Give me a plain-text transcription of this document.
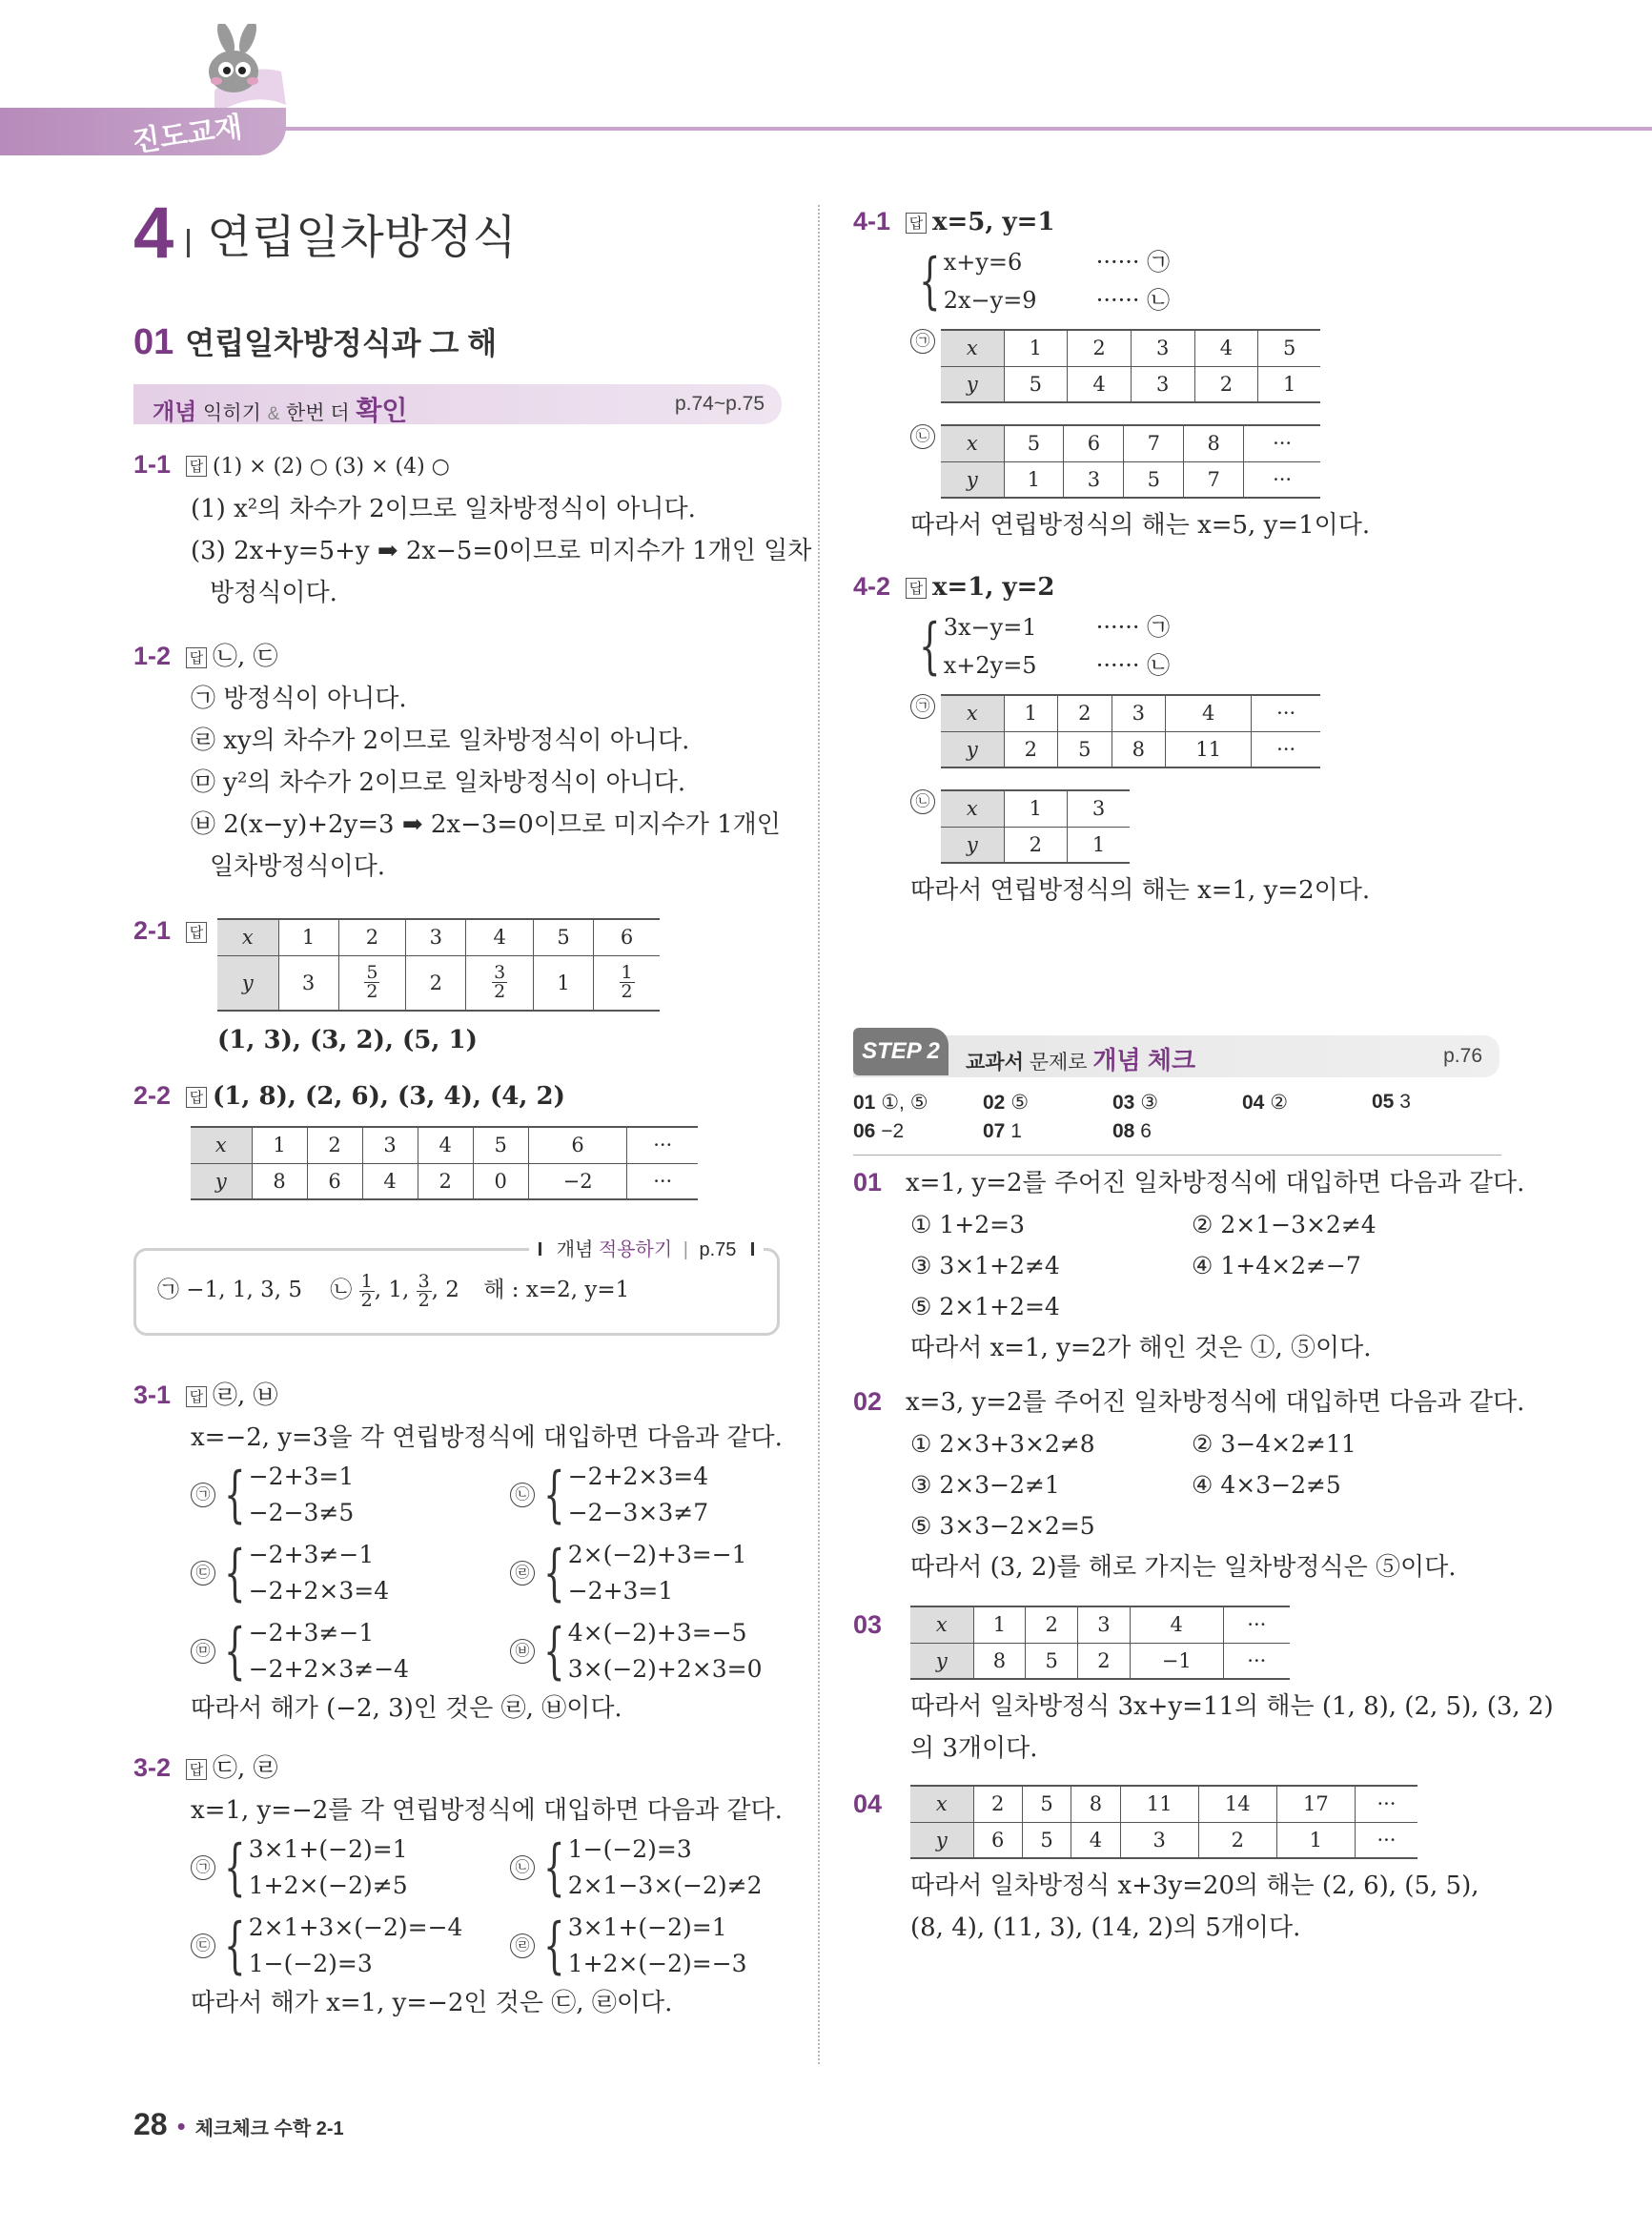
진도교재
4 연립일차방정식
01 연립일차방정식과 그 해
개념 익히기 & 한번 더 확인	p.74~p.75
1-1 답 (1) × (2) ○ (3) × (4) ○
(1) x²의 차수가 2이므로 일차방정식이 아니다.
(3) 2x+y=5+y ➡ 2x−5=0이므로 미지수가 1개인 일차
방정식이다.
1-2 답 ㉡, ㉢
㉠ 방정식이 아니다.
㉣ xy의 차수가 2이므로 일차방정식이 아니다.
㉤ y²의 차수가 2이므로 일차방정식이 아니다.
㉥ 2(x−y)+2y=3 ➡ 2x−3=0이므로 미지수가 1개인
일차방정식이다.
2-1 답	x	1	2	3	4	5	6
y	3	$\frac{5}{2}$	2	$\frac{3}{2}$	1	$\frac{1}{2}$
(1, 3), (3, 2), (5, 1)
2-2 답 (1, 8), (2, 6), (3, 4), (4, 2)
x	1	2	3	4	5	6	···
y	8	6	4	2	0	−2	···
개념 적용하기 | p.75
㉠ −1, 1, 3, 5 ㉡ $\frac{1}{2}$ , 1, $\frac{3}{2}$ , 2 해 : x=2, y=1
3-1 답 ㉣, ㉥
x=−2, y=3을 각 연립방정식에 대입하면 다음과 같다.
㉠ { −2+3=1
−2−3≠5
㉡ { −2+2×3=4
−2−3×3≠7
㉢ { −2+3≠−1
−2+2×3=4
㉣ { 2×(−2)+3=−1
−2+3=1
㉤ { −2+3≠−1
−2+2×3≠−4
㉥ { 4×(−2)+3=−5
3×(−2)+2×3=0
따라서 해가 (−2, 3)인 것은 ㉣, ㉥이다.
3-2 답 ㉢, ㉣
x=1, y=−2를 각 연립방정식에 대입하면 다음과 같다.
㉠ { 3×1+(−2)=1
1+2×(−2)≠5
㉡ { 1−(−2)=3
2×1−3×(−2)≠2
㉢ { 2×1+3×(−2)=−4
1−(−2)=3
㉣ { 3×1+(−2)=1
1+2×(−2)=−3
따라서 해가 x=1, y=−2인 것은 ㉢, ㉣이다.
4-1 답 x=5, y=1
{ x+y=6	······ ㉠
2x−y=9	······ ㉡
㉠ x	1	2	3	4	5
y	5	4	3	2	1
㉡ x	5	6	7	8	···
y	1	3	5	7	···
따라서 연립방정식의 해는 x=5, y=1이다.
4-2 답 x=1, y=2
{ 3x−y=1	······ ㉠
x+2y=5	······ ㉡
㉠ x	1	2	3	4	···
y	2	5	8	11	···
㉡ x	1	3
y	2	1
따라서 연립방정식의 해는 x=1, y=2이다.
STEP 2	교과서 문제로 개념 체크	p.76
01 ①, ⑤	02 ⑤	03 ③	04 ②	05 3
06 −2	07 1	08 6
01 x=1, y=2를 주어진 일차방정식에 대입하면 다음과 같다.
① 1+2=3	② 2×1−3×2≠4
③ 3×1+2≠4	④ 1+4×2≠−7
⑤ 2×1+2=4
따라서 x=1, y=2가 해인 것은 ①, ⑤이다.
02 x=3, y=2를 주어진 일차방정식에 대입하면 다음과 같다.
① 2×3+3×2≠8	② 3−4×2≠11
③ 2×3−2≠1	④ 4×3−2≠5
⑤ 3×3−2×2=5
따라서 (3, 2)를 해로 가지는 일차방정식은 ⑤이다.
03	x	1	2	3	4	···
y	8	5	2	−1	···
따라서 일차방정식 3x+y=11의 해는 (1, 8), (2, 5), (3, 2)
의 3개이다.
04	x	2	5	8	11	14	17	···
y	6	5	4	3	2	1	···
따라서 일차방정식 x+3y=20의 해는 (2, 6), (5, 5),
(8, 4), (11, 3), (14, 2)의 5개이다.
28 • 체크체크 수학 2-1
